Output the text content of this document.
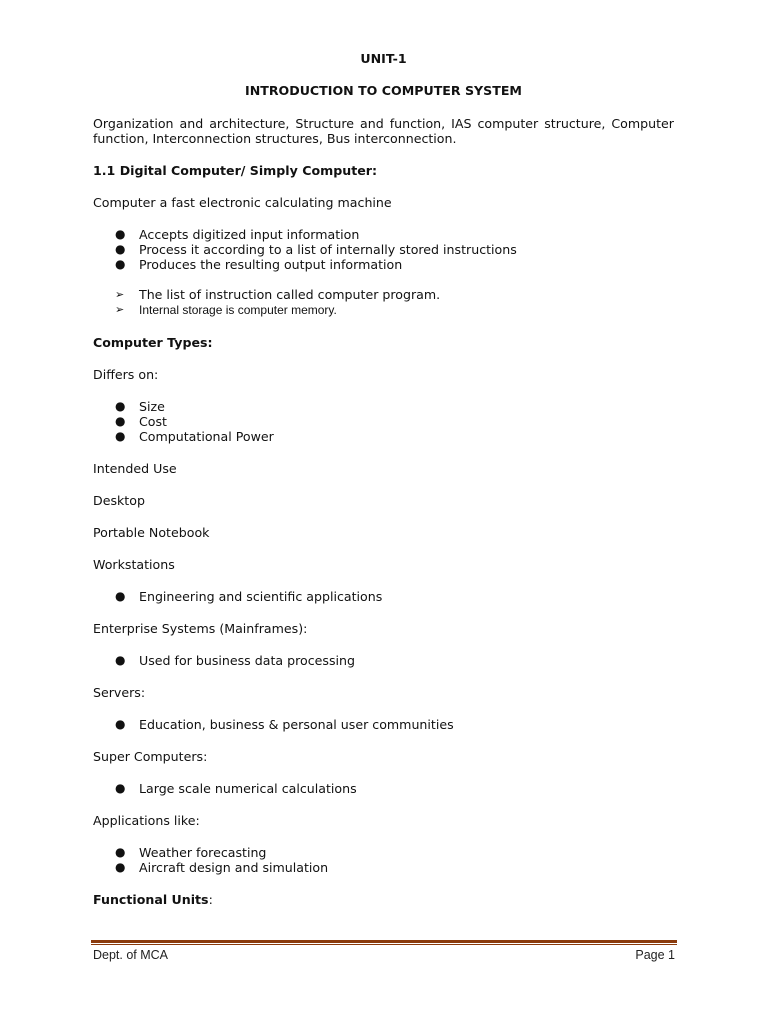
UNIT-1

INTRODUCTION TO COMPUTER SYSTEM

Organization and architecture, Structure and function, IAS computer structure, Computer function, Interconnection structures, Bus interconnection.

1.1 Digital Computer/ Simply Computer:

Computer a fast electronic calculating machine

● Accepts digitized input information
● Process it according to a list of internally stored instructions
● Produces the resulting output information
➢ The list of instruction called computer program.
➢ Internal storage is computer memory.

Computer Types:

Differs on:

● Size
● Cost
● Computational Power

Intended Use

Desktop

Portable Notebook

Workstations

● Engineering and scientific applications

Enterprise Systems (Mainframes):

● Used for business data processing

Servers:

● Education, business & personal user communities

Super Computers:

● Large scale numerical calculations

Applications like:

● Weather forecasting
● Aircraft design and simulation

Functional Units:

Dept. of MCA	Page 1
